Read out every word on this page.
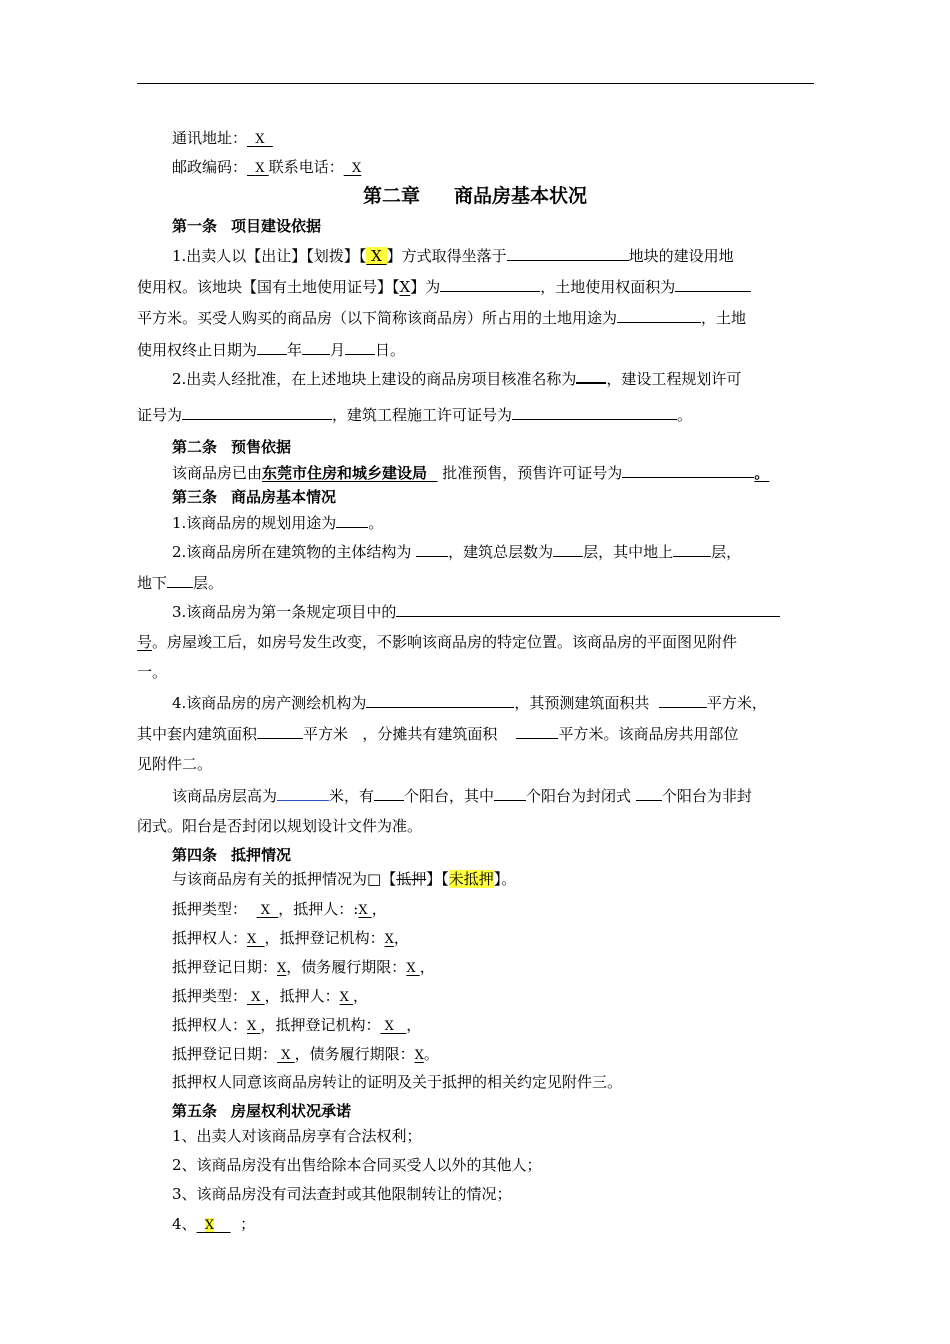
通讯地址： X
邮政编码： X 联系电话： X
第二章 商品房基本状况
第一条 项目建设依据
1.出卖人以【出让】【划拨】【 X 】方式取得坐落于	地块的建设用地
使用权。该地块【国有土地使用证号】【X】为	，土地使用权面积为
平方米。买受人购买的商品房（以下简称该商品房）所占用的土地用途为	，土地
使用权终止日期为 年 月 日。
2.出卖人经批准，在上述地块上建设的商品房项目核准名称为 ，建设工程规划许可
证号为	，建筑工程施工许可证号为	。
第二条 预售依据
该商品房已由东莞市住房和城乡建设局 批准预售，预售许可证号为	。
第三条 商品房基本情况
1.该商品房的规划用途为 。
2.该商品房所在建筑物的主体结构为 ，建筑总层数为 层，其中地上	层，
地下 层。
3.该商品房为第一条规定项目中的
号。房屋竣工后，如房号发生改变，不影响该商品房的特定位置。该商品房的平面图见附件
一。
4.该商品房的房产测绘机构为	，其预测建筑面积共	平方米，
其中套内建筑面积	平方米 ，分摊共有建筑面积	平方米。该商品房共用部位
见附件二。
该商品房层高为	米，有 个阳台，其中 个阳台为封闭式 个阳台为非封
闭式。阳台是否封闭以规划设计文件为准。
第四条 抵押情况
与该商品房有关的抵押情况为□【抵押】【未抵押】。
抵押类型： X ，抵押人：:X ，
抵押权人：X ，抵押登记机构：X，
抵押登记日期：X，债务履行期限：X ，
抵押类型： X ，抵押人：X ，
抵押权人：X ，抵押登记机构： X ，
抵押登记日期： X ，债务履行期限：X。
抵押权人同意该商品房转让的证明及关于抵押的相关约定见附件三。
第五条 房屋权利状况承诺
1、出卖人对该商品房享有合法权利；
2、该商品房没有出售给除本合同买受人以外的其他人；
3、该商品房没有司法查封或其他限制转让的情况；
4、 X ；
